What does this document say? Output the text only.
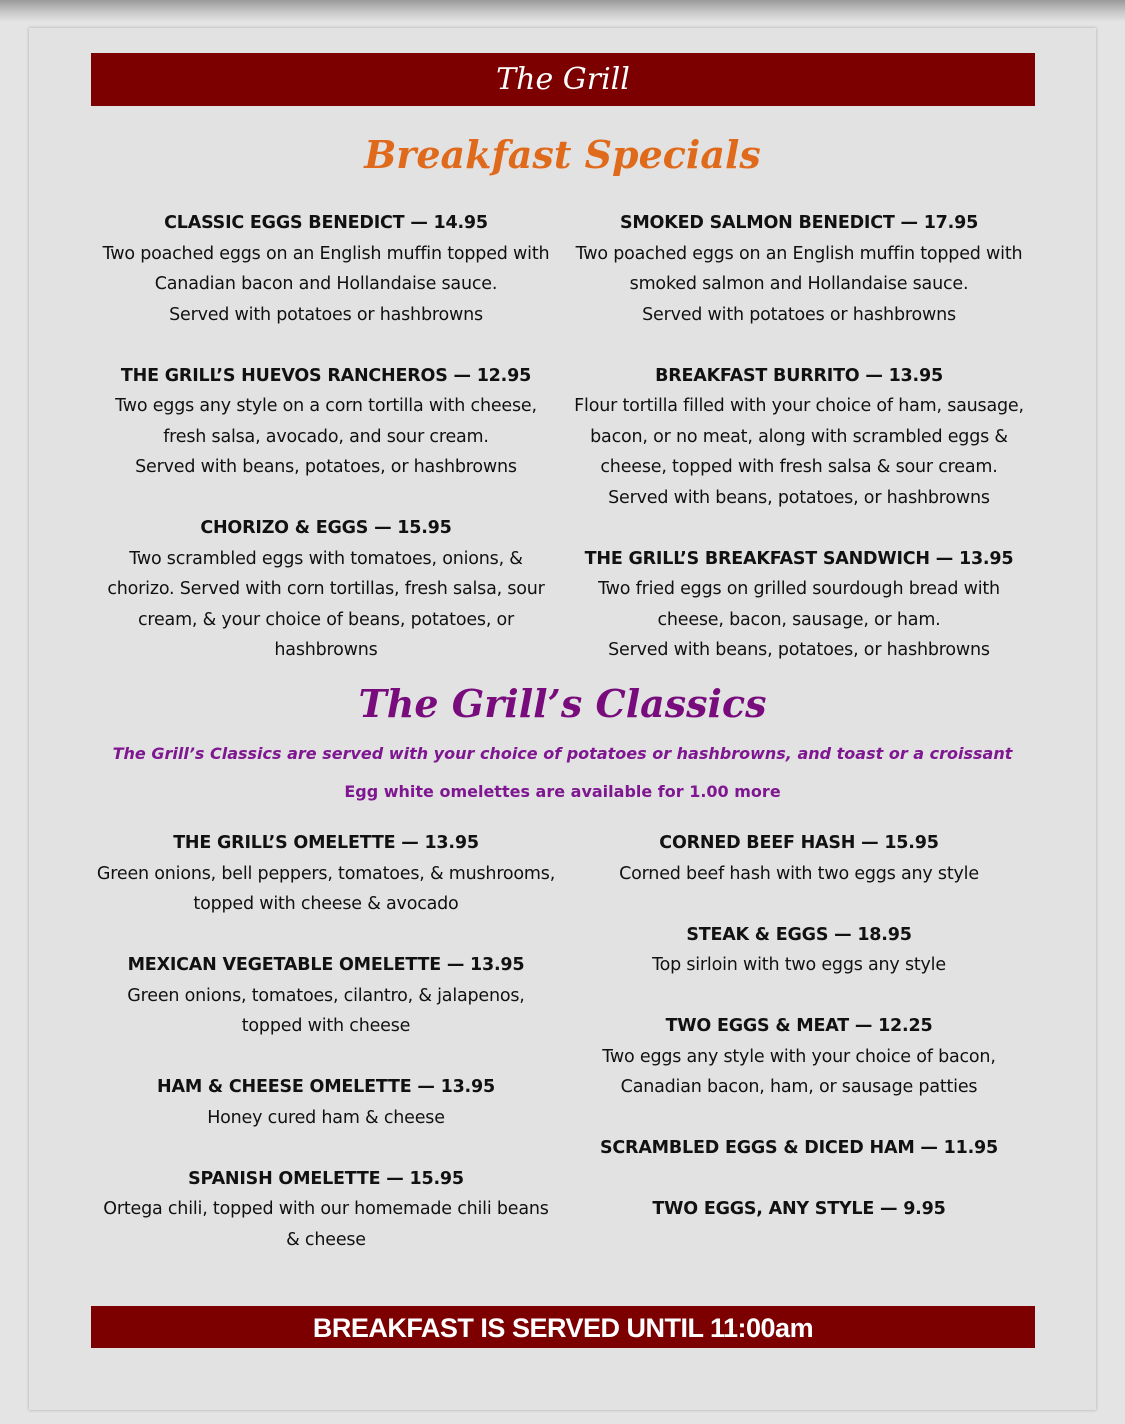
The Grill
Breakfast Specials
CLASSIC EGGS BENEDICT — 14.95
Two poached eggs on an English muffin topped with
Canadian bacon and Hollandaise sauce.
Served with potatoes or hashbrowns
THE GRILL’S HUEVOS RANCHEROS — 12.95
Two eggs any style on a corn tortilla with cheese,
fresh salsa, avocado, and sour cream.
Served with beans, potatoes, or hashbrowns
CHORIZO & EGGS — 15.95
Two scrambled eggs with tomatoes, onions, &
chorizo. Served with corn tortillas, fresh salsa, sour
cream, & your choice of beans, potatoes, or
hashbrowns
SMOKED SALMON BENEDICT — 17.95
Two poached eggs on an English muffin topped with
smoked salmon and Hollandaise sauce.
Served with potatoes or hashbrowns
BREAKFAST BURRITO — 13.95
Flour tortilla filled with your choice of ham, sausage,
bacon, or no meat, along with scrambled eggs &
cheese, topped with fresh salsa & sour cream.
Served with beans, potatoes, or hashbrowns
THE GRILL’S BREAKFAST SANDWICH — 13.95
Two fried eggs on grilled sourdough bread with
cheese, bacon, sausage, or ham.
Served with beans, potatoes, or hashbrowns
The Grill’s Classics
The Grill’s Classics are served with your choice of potatoes or hashbrowns, and toast or a croissant
Egg white omelettes are available for 1.00 more
THE GRILL’S OMELETTE — 13.95
Green onions, bell peppers, tomatoes, & mushrooms,
topped with cheese & avocado
MEXICAN VEGETABLE OMELETTE — 13.95
Green onions, tomatoes, cilantro, & jalapenos,
topped with cheese
HAM & CHEESE OMELETTE — 13.95
Honey cured ham & cheese
SPANISH OMELETTE — 15.95
Ortega chili, topped with our homemade chili beans
& cheese
CORNED BEEF HASH — 15.95
Corned beef hash with two eggs any style
STEAK & EGGS — 18.95
Top sirloin with two eggs any style
TWO EGGS & MEAT — 12.25
Two eggs any style with your choice of bacon,
Canadian bacon, ham, or sausage patties
SCRAMBLED EGGS & DICED HAM — 11.95
TWO EGGS, ANY STYLE — 9.95
BREAKFAST IS SERVED UNTIL 11:00am
